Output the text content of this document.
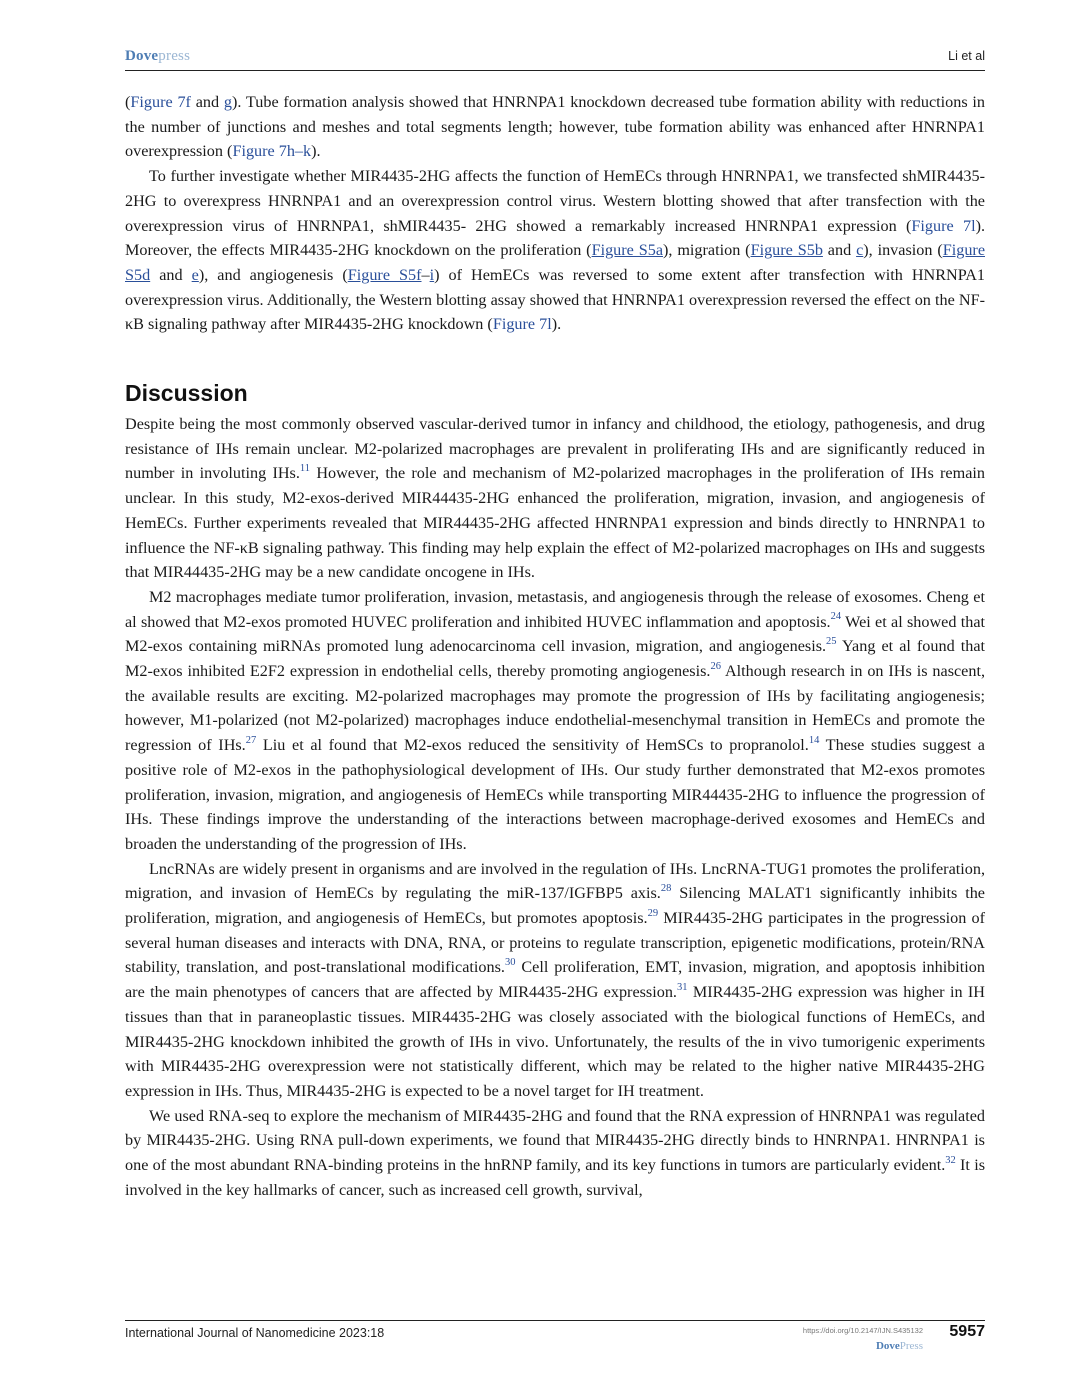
Dovepress	Li et al

(Figure 7f and g). Tube formation analysis showed that HNRNPA1 knockdown decreased tube formation ability with reductions in the number of junctions and meshes and total segments length; however, tube formation ability was enhanced after HNRNPA1 overexpression (Figure 7h–k).

To further investigate whether MIR4435-2HG affects the function of HemECs through HNRNPA1, we transfected shMIR4435-2HG to overexpress HNRNPA1 and an overexpression control virus. Western blotting showed that after transfection with the overexpression virus of HNRNPA1, shMIR4435- 2HG showed a remarkably increased HNRNPA1 expression (Figure 7l). Moreover, the effects MIR4435-2HG knockdown on the proliferation (Figure S5a), migration (Figure S5b and c), invasion (Figure S5d and e), and angiogenesis (Figure S5f–i) of HemECs was reversed to some extent after transfection with HNRNPA1 overexpression virus. Additionally, the Western blotting assay showed that HNRNPA1 overexpression reversed the effect on the NF-κB signaling pathway after MIR4435-2HG knockdown (Figure 7l).

Discussion

Despite being the most commonly observed vascular-derived tumor in infancy and childhood, the etiology, pathogenesis, and drug resistance of IHs remain unclear. M2-polarized macrophages are prevalent in proliferating IHs and are significantly reduced in number in involuting IHs.$^{11}$ However, the role and mechanism of M2-polarized macrophages in the proliferation of IHs remain unclear. In this study, M2-exos-derived MIR44435-2HG enhanced the proliferation, migration, invasion, and angiogenesis of HemECs. Further experiments revealed that MIR44435-2HG affected HNRNPA1 expression and binds directly to HNRNPA1 to influence the NF-κB signaling pathway. This finding may help explain the effect of M2-polarized macrophages on IHs and suggests that MIR44435-2HG may be a new candidate oncogene in IHs.

M2 macrophages mediate tumor proliferation, invasion, metastasis, and angiogenesis through the release of exosomes. Cheng et al showed that M2-exos promoted HUVEC proliferation and inhibited HUVEC inflammation and apoptosis.$^{24}$ Wei et al showed that M2-exos containing miRNAs promoted lung adenocarcinoma cell invasion, migration, and angiogenesis.$^{25}$ Yang et al found that M2-exos inhibited E2F2 expression in endothelial cells, thereby promoting angiogenesis.$^{26}$ Although research in on IHs is nascent, the available results are exciting. M2-polarized macrophages may promote the progression of IHs by facilitating angiogenesis; however, M1-polarized (not M2-polarized) macrophages induce endothelial-mesenchymal transition in HemECs and promote the regression of IHs.$^{27}$ Liu et al found that M2-exos reduced the sensitivity of HemSCs to propranolol.$^{14}$ These studies suggest a positive role of M2-exos in the pathophysiological development of IHs. Our study further demonstrated that M2-exos promotes proliferation, invasion, migration, and angiogenesis of HemECs while transporting MIR44435-2HG to influence the progression of IHs. These findings improve the understanding of the interactions between macrophage-derived exosomes and HemECs and broaden the understanding of the progression of IHs.

LncRNAs are widely present in organisms and are involved in the regulation of IHs. LncRNA-TUG1 promotes the proliferation, migration, and invasion of HemECs by regulating the miR-137/IGFBP5 axis.$^{28}$ Silencing MALAT1 significantly inhibits the proliferation, migration, and angiogenesis of HemECs, but promotes apoptosis.$^{29}$ MIR4435-2HG participates in the progression of several human diseases and interacts with DNA, RNA, or proteins to regulate transcription, epigenetic modifications, protein/RNA stability, translation, and post-translational modifications.$^{30}$ Cell proliferation, EMT, invasion, migration, and apoptosis inhibition are the main phenotypes of cancers that are affected by MIR4435-2HG expression.$^{31}$ MIR4435-2HG expression was higher in IH tissues than that in paraneoplastic tissues. MIR4435-2HG was closely associated with the biological functions of HemECs, and MIR4435-2HG knockdown inhibited the growth of IHs in vivo. Unfortunately, the results of the in vivo tumorigenic experiments with MIR4435-2HG overexpression were not statistically different, which may be related to the higher native MIR4435-2HG expression in IHs. Thus, MIR4435-2HG is expected to be a novel target for IH treatment.

We used RNA-seq to explore the mechanism of MIR4435-2HG and found that the RNA expression of HNRNPA1 was regulated by MIR4435-2HG. Using RNA pull-down experiments, we found that MIR4435-2HG directly binds to HNRNPA1. HNRNPA1 is one of the most abundant RNA-binding proteins in the hnRNP family, and its key functions in tumors are particularly evident.$^{32}$ It is involved in the key hallmarks of cancer, such as increased cell growth, survival,

International Journal of Nanomedicine 2023:18	https://doi.org/10.2147/IJN.S435132 5957
DovePress
